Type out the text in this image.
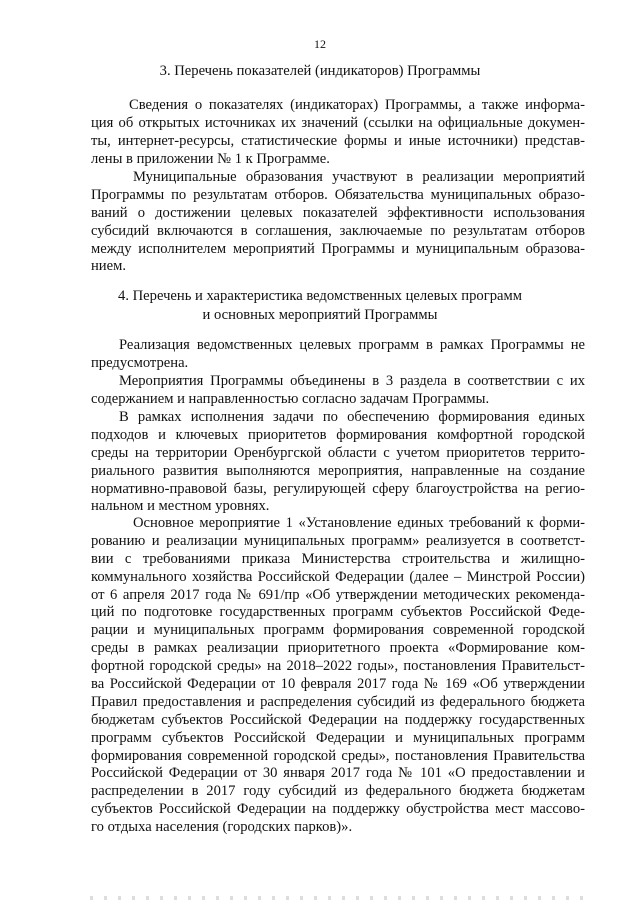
12
3. Перечень показателей (индикаторов) Программы
Сведения о показателях (индикаторах) Программы, а также информа-
ция об открытых источниках их значений (ссылки на официальные докумен-
ты, интернет-ресурсы, статистические формы и иные источники) представ-
лены в приложении № 1 к Программе.
Муниципальные образования участвуют в реализации мероприятий
Программы по результатам отборов. Обязательства муниципальных образо-
ваний о достижении целевых показателей эффективности использования
субсидий включаются в соглашения, заключаемые по результатам отборов
между исполнителем мероприятий Программы и муниципальным образова-
нием.
4. Перечень и характеристика ведомственных целевых программ
и основных мероприятий Программы
Реализация ведомственных целевых программ в рамках Программы не
предусмотрена.
Мероприятия Программы объединены в 3 раздела в соответствии с их
содержанием и направленностью согласно задачам Программы.
В рамках исполнения задачи по обеспечению формирования единых
подходов и ключевых приоритетов формирования комфортной городской
среды на территории Оренбургской области с учетом приоритетов террито-
риального развития выполняются мероприятия, направленные на создание
нормативно-правовой базы, регулирующей сферу благоустройства на регио-
нальном и местном уровнях.
Основное мероприятие 1 «Установление единых требований к форми-
рованию и реализации муниципальных программ» реализуется в соответст-
вии с требованиями приказа Министерства строительства и жилищно-
коммунального хозяйства Российской Федерации (далее – Минстрой России)
от 6 апреля 2017 года № 691/пр «Об утверждении методических рекоменда-
ций по подготовке государственных программ субъектов Российской Феде-
рации и муниципальных программ формирования современной городской
среды в рамках реализации приоритетного проекта «Формирование ком-
фортной городской среды» на 2018–2022 годы», постановления Правительст-
ва Российской Федерации от 10 февраля 2017 года № 169 «Об утверждении
Правил предоставления и распределения субсидий из федерального бюджета
бюджетам субъектов Российской Федерации на поддержку государственных
программ субъектов Российской Федерации и муниципальных программ
формирования современной городской среды», постановления Правительства
Российской Федерации от 30 января 2017 года № 101 «О предоставлении и
распределении в 2017 году субсидий из федерального бюджета бюджетам
субъектов Российской Федерации на поддержку обустройства мест массово-
го отдыха населения (городских парков)».
